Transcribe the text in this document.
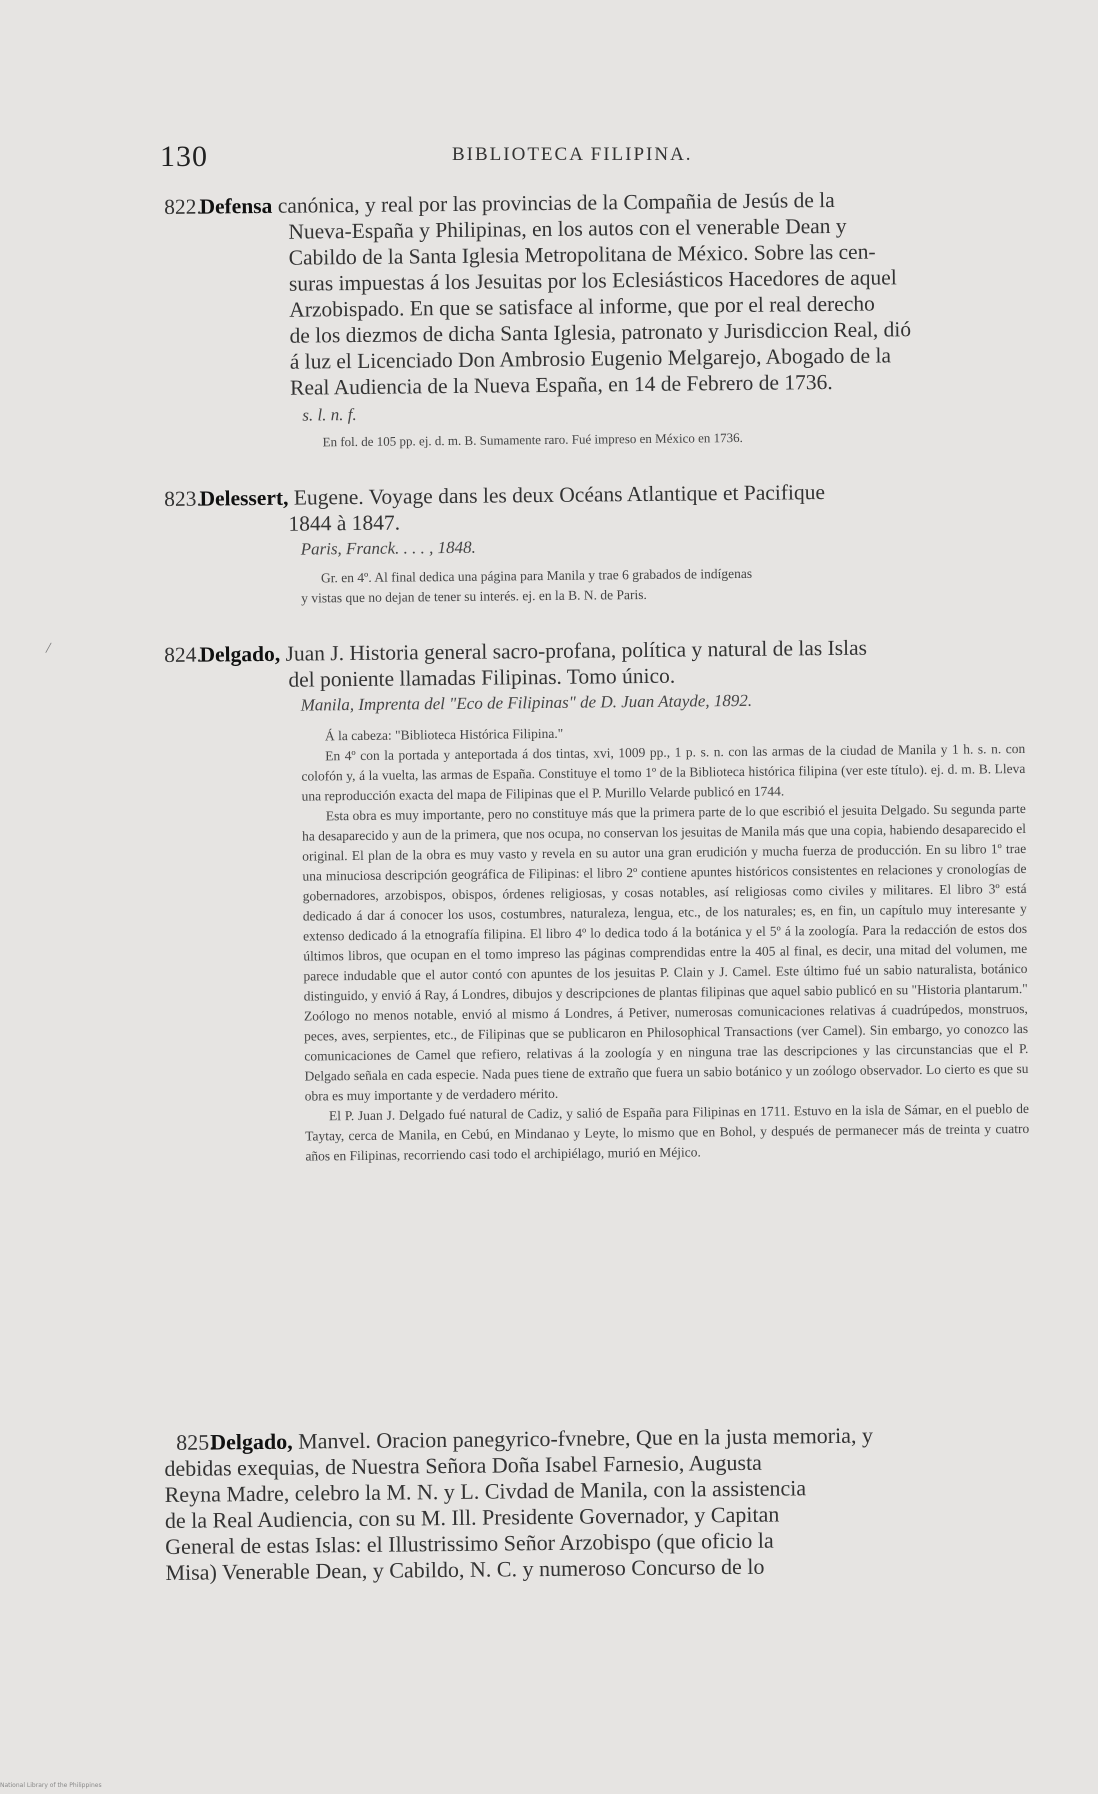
130	BIBLIOTECA FILIPINA.
822. Defensa canónica, y real por las provincias de la Compañia de Jesús de la
Nueva-España y Philipinas, en los autos con el venerable Dean y
Cabildo de la Santa Iglesia Metropolitana de México. Sobre las cen-
suras impuestas á los Jesuitas por los Eclesiásticos Hacedores de aquel
Arzobispado. En que se satisface al informe, que por el real derecho
de los diezmos de dicha Santa Iglesia, patronato y Jurisdiccion Real, dió
á luz el Licenciado Don Ambrosio Eugenio Melgarejo, Abogado de la
Real Audiencia de la Nueva España, en 14 de Febrero de 1736.
s. l. n. f.
En fol. de 105 pp. ej. d. m. B. Sumamente raro. Fué impreso en México en 1736.
823. Delessert, Eugene. Voyage dans les deux Océans Atlantique et Pacifique
1844 à 1847.
Paris, Franck. . . . , 1848.

Gr. en 4º. Al final dedica una página para Manila y trae 6 grabados de indígenas

y vistas que no dejan de tener su interés. ej. en la B. N. de Paris.

824. Delgado, Juan J. Historia general sacro-profana, política y natural de las Islas
del poniente llamadas Filipinas. Tomo único.
Manila, Imprenta del "Eco de Filipinas" de D. Juan Atayde, 1892.

Á la cabeza: "Biblioteca Histórica Filipina."

En 4º con la portada y anteportada á dos tintas, xvi, 1009 pp., 1 p. s. n. con las armas de la ciudad de Manila y 1 h. s. n. con colofón y, á la vuelta, las armas de España. Constituye el tomo 1º de la Biblioteca histórica filipina (ver este título). ej. d. m. B. Lleva una reproducción exacta del mapa de Filipinas que el P. Murillo Velarde publicó en 1744.

Esta obra es muy importante, pero no constituye más que la primera parte de lo que escribió el jesuita Delgado. Su segunda parte ha desaparecido y aun de la primera, que nos ocupa, no conservan los jesuitas de Manila más que una copia, habiendo desaparecido el original. El plan de la obra es muy vasto y revela en su autor una gran erudición y mucha fuerza de producción. En su libro 1º trae una minuciosa descripción geográfica de Filipinas: el libro 2º contiene apuntes históricos consistentes en relaciones y cronologías de gobernadores, arzobispos, obispos, órdenes religiosas, y cosas notables, así religiosas como civiles y militares. El libro 3º está dedicado á dar á conocer los usos, costumbres, naturaleza, lengua, etc., de los naturales; es, en fin, un capítulo muy interesante y extenso dedicado á la etnografía filipina. El libro 4º lo dedica todo á la botánica y el 5º á la zoología. Para la redacción de estos dos últimos libros, que ocupan en el tomo impreso las páginas comprendidas entre la 405 al final, es decir, una mitad del volumen, me parece indudable que el autor contó con apuntes de los jesuitas P. Clain y J. Camel. Este último fué un sabio naturalista, botánico distinguido, y envió á Ray, á Londres, dibujos y descripciones de plantas filipinas que aquel sabio publicó en su "Historia plantarum." Zoólogo no menos notable, envió al mismo á Londres, á Petiver, numerosas comunicaciones relativas á cuadrúpedos, monstruos, peces, aves, serpientes, etc., de Filipinas que se publicaron en Philosophical Transactions (ver Camel). Sin embargo, yo conozco las comunicaciones de Camel que refiero, relativas á la zoología y en ninguna trae las descripciones y las circunstancias que el P. Delgado señala en cada especie. Nada pues tiene de extraño que fuera un sabio botánico y un zoólogo observador. Lo cierto es que su obra es muy importante y de verdadero mérito.

El P. Juan J. Delgado fué natural de Cadiz, y salió de España para Filipinas en 1711. Estuvo en la isla de Sámar, en el pueblo de Taytay, cerca de Manila, en Cebú, en Mindanao y Leyte, lo mismo que en Bohol, y después de permanecer más de treinta y cuatro años en Filipinas, recorriendo casi todo el archipiélago, murió en Méjico.

825.Delgado, Manvel. Oracion panegyrico-fvnebre, Que en la justa memoria, y
debidas exequias, de Nuestra Señora Doña Isabel Farnesio, Augusta
Reyna Madre, celebro la M. N. y L. Civdad de Manila, con la assistencia
de la Real Audiencia, con su M. Ill. Presidente Governador, y Capitan
General de estas Islas: el Illustrissimo Señor Arzobispo (que oficio la
Misa) Venerable Dean, y Cabildo, N. C. y numeroso Concurso de lo
/
National Library of the Philippines
